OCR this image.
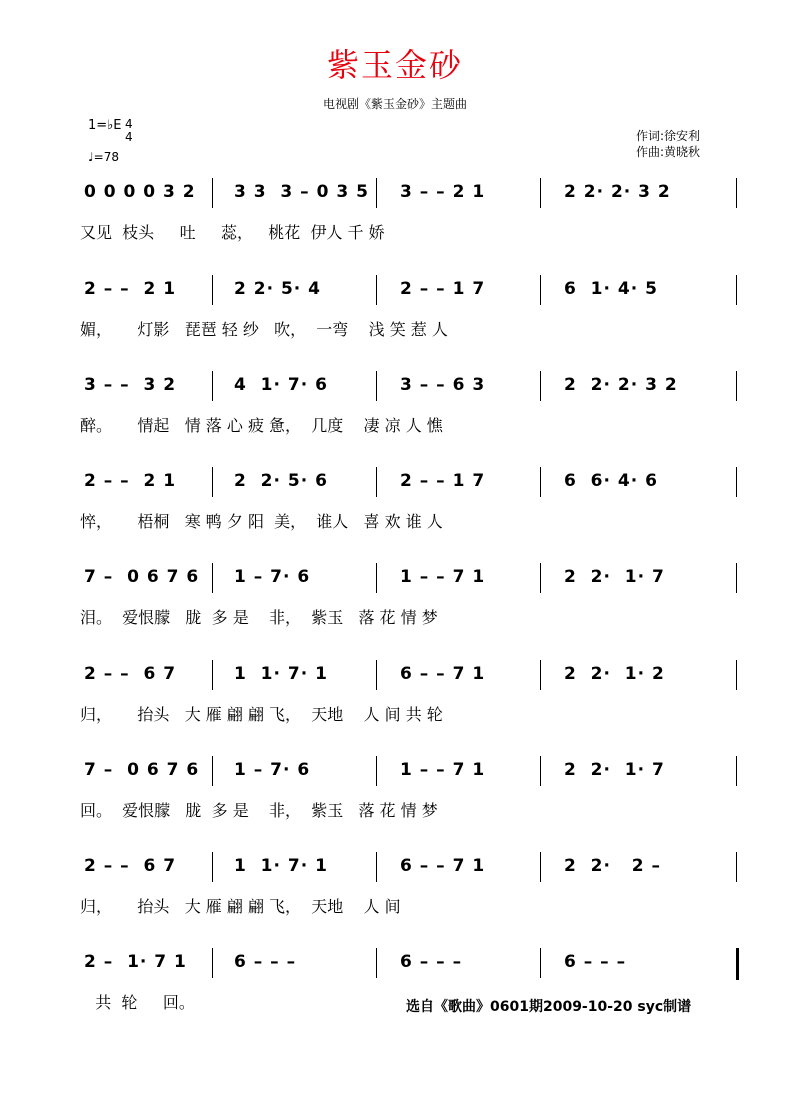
紫玉金砂
电视剧《紫玉金砂》主题曲
1=♭E 4
4
♩=78
作词:徐安利
作曲:黄晓秋
0 0 0 0 3 2 3 3  3 – 0 3 5 3 – – 2 1	2 2· 2· 3 2
又见  枝头     吐     蕊，   桃花  伊人 千 娇
2 – –  2 1	2 2· 5· 4	2 – – 1 7	6  1· 4· 5
媚，     灯影   琵琶 轻 纱   吹，  一弯    浅 笑 惹 人
3 – –  3 2	4  1· 7· 6	3 – – 6 3	2  2· 2· 3 2
醉。     情起   情 落 心 疲 惫，  几度    凄 凉 人 憔
2 – –  2 1	2  2· 5· 6	2 – – 1 7	6  6· 4· 6
悴，     梧桐   寒 鸭 夕 阳  美，  谁人   喜 欢 谁 人
7 –  0 6 7 6 1 – 7· 6	1 – – 7 1	2  2·  1· 7
泪。  爱恨朦   胧  多 是    非，  紫玉   落 花 情 梦
2 – –  6 7	1  1· 7· 1	6 – – 7 1	2  2·  1· 2
归，     抬头   大 雁 翩 翩 飞，  天地    人 间 共 轮
7 –  0 6 7 6 1 – 7· 6	1 – – 7 1	2  2·  1· 7
回。  爱恨朦   胧  多 是    非，  紫玉   落 花 情 梦
2 – –  6 7	1  1· 7· 1	6 – – 7 1	2  2·   2 –
归，     抬头   大 雁 翩 翩 飞，  天地    人 间
2 –  1· 7 1	6 – – –	6 – – –	6 – – –
共  轮     回。	选自《歌曲》0601期2009-10-20 syc制谱
